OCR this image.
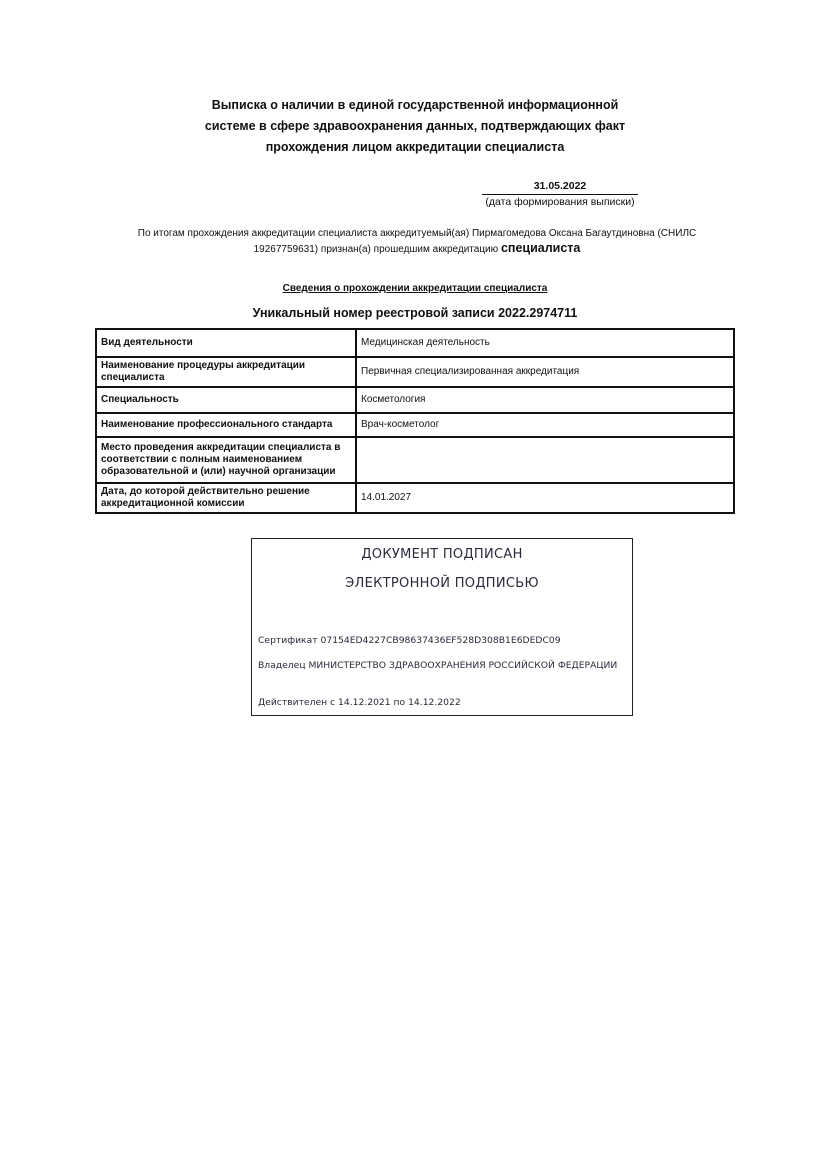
Выписка о наличии в единой государственной информационной
системе в сфере здравоохранения данных, подтверждающих факт
прохождения лицом аккредитации специалиста
31.05.2022
(дата формирования выписки)
По итогам прохождения аккредитации специалиста аккредитуемый(ая) Пирмагомедова Оксана Багаутдиновна (СНИЛС 19267759631) признан(а) прошедшим аккредитацию специалиста
Сведения о прохождении аккредитации специалиста
Уникальный номер реестровой записи 2022.2974711
Вид деятельности	Медицинская деятельность
Наименование процедуры аккредитации специалиста	Первичная специализированная аккредитация
Специальность	Косметология
Наименование профессионального стандарта	Врач-косметолог
Место проведения аккредитации специалиста в соответствии с полным наименованием образовательной и (или) научной организации	
Дата, до которой действительно решение аккредитационной комиссии	14.01.2027
ДОКУМЕНТ ПОДПИСАН
ЭЛЕКТРОННОЙ ПОДПИСЬЮ
Сертификат 07154ED4227CB98637436EF528D308B1E6DEDC09
Владелец МИНИСТЕРСТВО ЗДРАВООХРАНЕНИЯ РОССИЙСКОЙ ФЕДЕРАЦИИ
Действителен с 14.12.2021 по 14.12.2022
